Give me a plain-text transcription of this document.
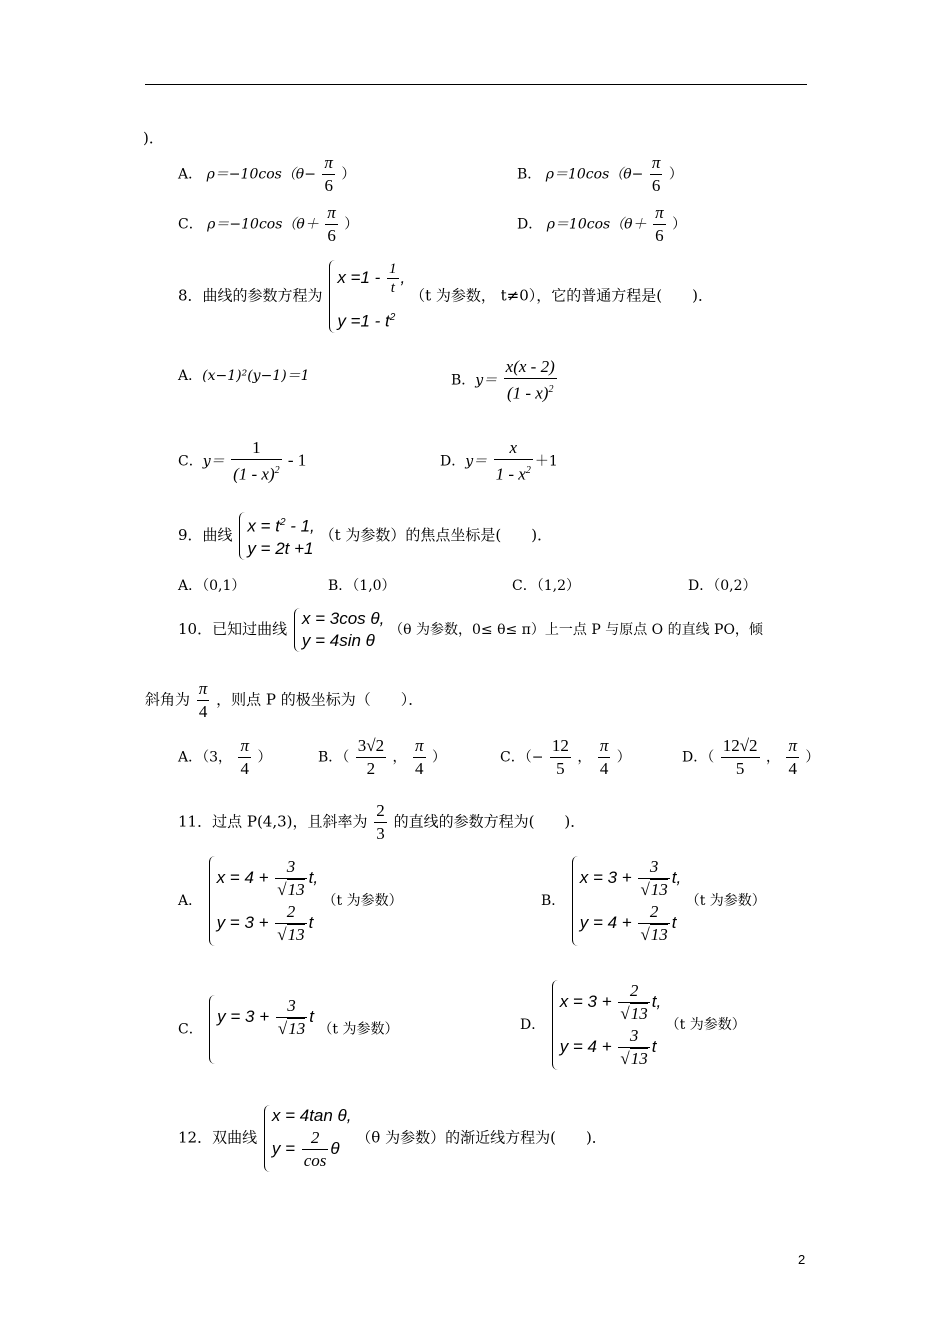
)．
A． $\rho=-10\cos(\theta- \frac{\pi}{6}$ ）	B． $\rho=10\cos(\theta- \frac{\pi}{6}$ ）
C． $\rho=-10\cos(\theta+ \frac{\pi}{6}$ ）	D． $\rho=10\cos(\theta+ \frac{\pi}{6}$ ）
8．曲线的参数方程为
$x =1 - \frac{1}{t}$ ,
$y =1 - t^2$
（t 为参数， t≠0），它的普通方程是(　　)．
A．(x−1)²(y−1)＝1	B．$y= \frac{x(x - 2)}{(1 - x)^2}$
C．$y= \frac{1}{(1 - x)^2} - 1$	D．$y= \frac{x}{1 - x^2} +1$
9．曲线 $x = t^2 - 1$,
y = 2t +1
（t 为参数）的焦点坐标是(　　)．
A．（0,1）	B．（1,0）	C．（1,2）	D．（0,2）
10．已知过曲线
x = 3cos θ,
y = 4sin θ
（θ 为参数，0≤ θ≤ π）上一点 P 与原点 O 的直线 PO，倾
斜角为 $\frac{\pi}{4}$ ，则点 P 的极坐标为（　　）．
A．（3， $\frac{\pi}{4}$ ）	B．（ $\frac{3√2}{2}$ ， $\frac{\pi}{4}$ ）	C．（− $\frac{12}{5}$ ， $\frac{\pi}{4}$ ）	D．（ $\frac{12√2}{5}$ ， $\frac{\pi}{4}$ ）
11．过点 P(4,3)，且斜率为 $\frac{2}{3}$ 的直线的参数方程为(　　)．
A．
$x = 4 + \frac{3}{√13} t$,
$y = 3 + \frac{2}{√13}$ t
（t 为参数）	B．
$x = 3 + \frac{3}{√13} t$,
$y = 4 + \frac{2}{√13}$ t
（t 为参数）
C．
$y = 3 + \frac{3}{√13}$ t
（t 为参数）	D．
$x = 3 + \frac{2}{√13} t$,
$y = 4 + \frac{3}{√13}$ t
（t 为参数）
12．双曲线
x = 4tan θ,
$y = \frac{2}{\cos}$ θ
（θ 为参数）的渐近线方程为(　　)．
2
